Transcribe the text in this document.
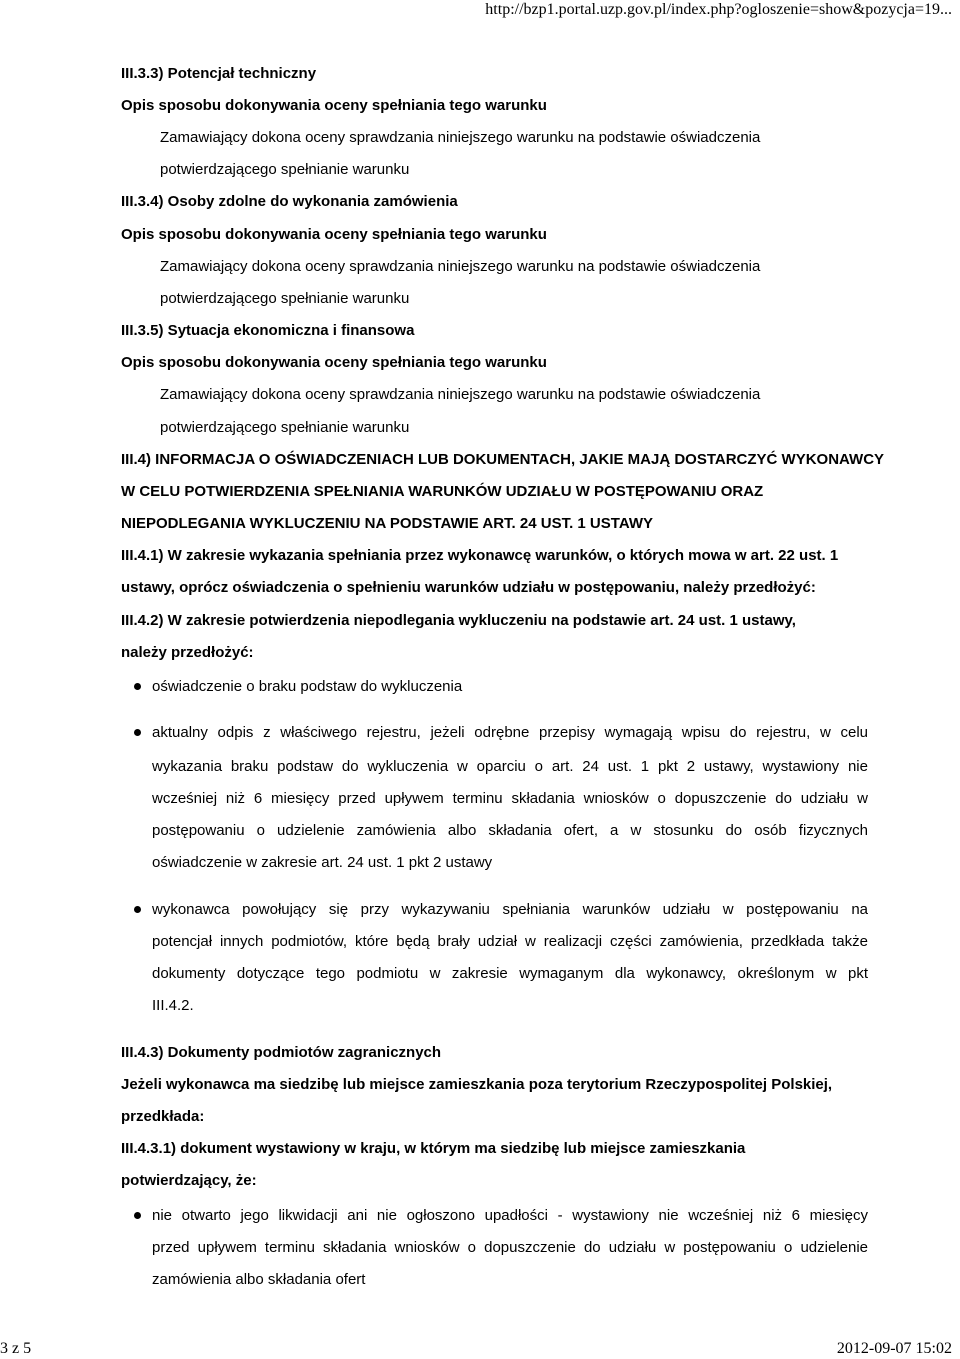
http://bzp1.portal.uzp.gov.pl/index.php?ogloszenie=show&pozycja=19...
III.3.3) Potencjał techniczny
Opis sposobu dokonywania oceny spełniania tego warunku
Zamawiający dokona oceny sprawdzania niniejszego warunku na podstawie oświadczenia
potwierdzającego spełnianie warunku
III.3.4) Osoby zdolne do wykonania zamówienia
Opis sposobu dokonywania oceny spełniania tego warunku
Zamawiający dokona oceny sprawdzania niniejszego warunku na podstawie oświadczenia
potwierdzającego spełnianie warunku
III.3.5) Sytuacja ekonomiczna i finansowa
Opis sposobu dokonywania oceny spełniania tego warunku
Zamawiający dokona oceny sprawdzania niniejszego warunku na podstawie oświadczenia
potwierdzającego spełnianie warunku
III.4) INFORMACJA O OŚWIADCZENIACH LUB DOKUMENTACH, JAKIE MAJĄ DOSTARCZYĆ WYKONAWCY
W CELU POTWIERDZENIA SPEŁNIANIA WARUNKÓW UDZIAŁU W POSTĘPOWANIU ORAZ
NIEPODLEGANIA WYKLUCZENIU NA PODSTAWIE ART. 24 UST. 1 USTAWY
III.4.1) W zakresie wykazania spełniania przez wykonawcę warunków, o których mowa w art. 22 ust. 1
ustawy, oprócz oświadczenia o spełnieniu warunków udziału w postępowaniu, należy przedłożyć:
III.4.2) W zakresie potwierdzenia niepodlegania wykluczeniu na podstawie art. 24 ust. 1 ustawy,
należy przedłożyć:
oświadczenie o braku podstaw do wykluczenia
aktualny odpis z właściwego rejestru, jeżeli odrębne przepisy wymagają wpisu do rejestru, w celu
wykazania braku podstaw do wykluczenia w oparciu o art. 24 ust. 1 pkt 2 ustawy, wystawiony nie
wcześniej niż 6 miesięcy przed upływem terminu składania wniosków o dopuszczenie do udziału w
postępowaniu o udzielenie zamówienia albo składania ofert, a w stosunku do osób fizycznych
oświadczenie w zakresie art. 24 ust. 1 pkt 2 ustawy
wykonawca powołujący się przy wykazywaniu spełniania warunków udziału w postępowaniu na
potencjał innych podmiotów, które będą brały udział w realizacji części zamówienia, przedkłada także
dokumenty dotyczące tego podmiotu w zakresie wymaganym dla wykonawcy, określonym w pkt
III.4.2.
III.4.3) Dokumenty podmiotów zagranicznych
Jeżeli wykonawca ma siedzibę lub miejsce zamieszkania poza terytorium Rzeczypospolitej Polskiej,
przedkłada:
III.4.3.1) dokument wystawiony w kraju, w którym ma siedzibę lub miejsce zamieszkania
potwierdzający, że:
nie otwarto jego likwidacji ani nie ogłoszono upadłości - wystawiony nie wcześniej niż 6 miesięcy
przed upływem terminu składania wniosków o dopuszczenie do udziału w postępowaniu o udzielenie
zamówienia albo składania ofert
3 z 5	2012-09-07 15:02
